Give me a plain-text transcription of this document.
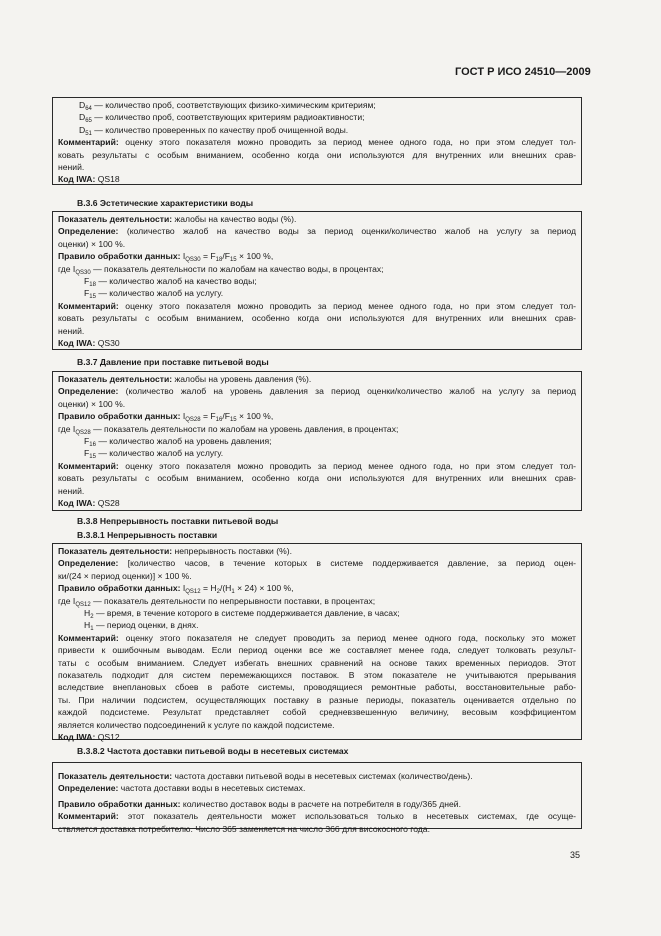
ГОСТ Р ИСО 24510—2009
$D_{64}$ — количество проб, соответствующих физико-химическим критериям;
$D_{65}$ — количество проб, соответствующих критериям радиоактивности;
$D_{51}$ — количество проверенных по качеству проб очищенной воды.
Комментарий: оценку этого показателя можно проводить за период менее одного года, но при этом следует тол-
ковать результаты с особым вниманием, особенно когда они используются для внутренних или внешних срав-
нений.
Код IWA: QS18
B.3.6 Эстетические характеристики воды
Показатель деятельности: жалобы на качество воды (%).
Определение: (количество жалоб на качество воды за период оценки/количество жалоб на услугу за период
оценки) × 100 %.
Правило обработки данных: $I_{QS30} = F_{18}/F_{15} \times 100$ %,
где $I_{QS30}$ — показатель деятельности по жалобам на качество воды, в процентах;
$F_{18}$ — количество жалоб на качество воды;
$F_{15}$ — количество жалоб на услугу.
Комментарий: оценку этого показателя можно проводить за период менее одного года, но при этом следует тол-
ковать результаты с особым вниманием, особенно когда они используются для внутренних или внешних срав-
нений.
Код IWA: QS30
B.3.7 Давление при поставке питьевой воды
Показатель деятельности: жалобы на уровень давления (%).
Определение: (количество жалоб на уровень давления за период оценки/количество жалоб на услугу за период
оценки) × 100 %.
Правило обработки данных: $I_{QS28} = F_{16}/F_{15} \times 100$ %,
где $I_{QS28}$ — показатель деятельности по жалобам на уровень давления, в процентах;
$F_{16}$ — количество жалоб на уровень давления;
$F_{15}$ — количество жалоб на услугу.
Комментарий: оценку этого показателя можно проводить за период менее одного года, но при этом следует тол-
ковать результаты с особым вниманием, особенно когда они используются для внутренних или внешних срав-
нений.
Код IWA: QS28
B.3.8 Непрерывность поставки питьевой воды
B.3.8.1 Непрерывность поставки
Показатель деятельности: непрерывность поставки (%).
Определение: [количество часов, в течение которых в системе поддерживается давление, за период оцен-
ки/(24 × период оценки)] × 100 %.
Правило обработки данных: $I_{QS12} = H_2/(H_1 \times 24) \times 100$ %,
где $I_{QS12}$ — показатель деятельности по непрерывности поставки, в процентах;
$H_2$ — время, в течение которого в системе поддерживается давление, в часах;
$H_1$ — период оценки, в днях.
Комментарий: оценку этого показателя не следует проводить за период менее одного года, поскольку это может
привести к ошибочным выводам. Если период оценки все же составляет менее года, следует толковать результ-
таты с особым вниманием. Следует избегать внешних сравнений на основе таких временных периодов. Этот
показатель подходит для систем перемежающихся поставок. В этом показателе не учитываются прерывания
вследствие внеплановых сбоев в работе системы, проводящиеся ремонтные работы, восстановительные рабо-
ты. При наличии подсистем, осуществляющих поставку в разные периоды, показатель оценивается отдельно по
каждой подсистеме. Результат представляет собой средневзвешенную величину, весовым коэффициентом
является количество подсоединений к услуге по каждой подсистеме.
Код IWA: QS12
B.3.8.2 Частота доставки питьевой воды в несетевых системах
Показатель деятельности: частота доставки питьевой воды в несетевых системах (количество/день).
Определение: частота доставки воды в несетевых системах.
Правило обработки данных: количество доставок воды в расчете на потребителя в году/365 дней.
Комментарий: этот показатель деятельности может использоваться только в несетевых системах, где осуще-
ствляется доставка потребителю. Число 365 заменяется на число 366 для високосного года.
35
